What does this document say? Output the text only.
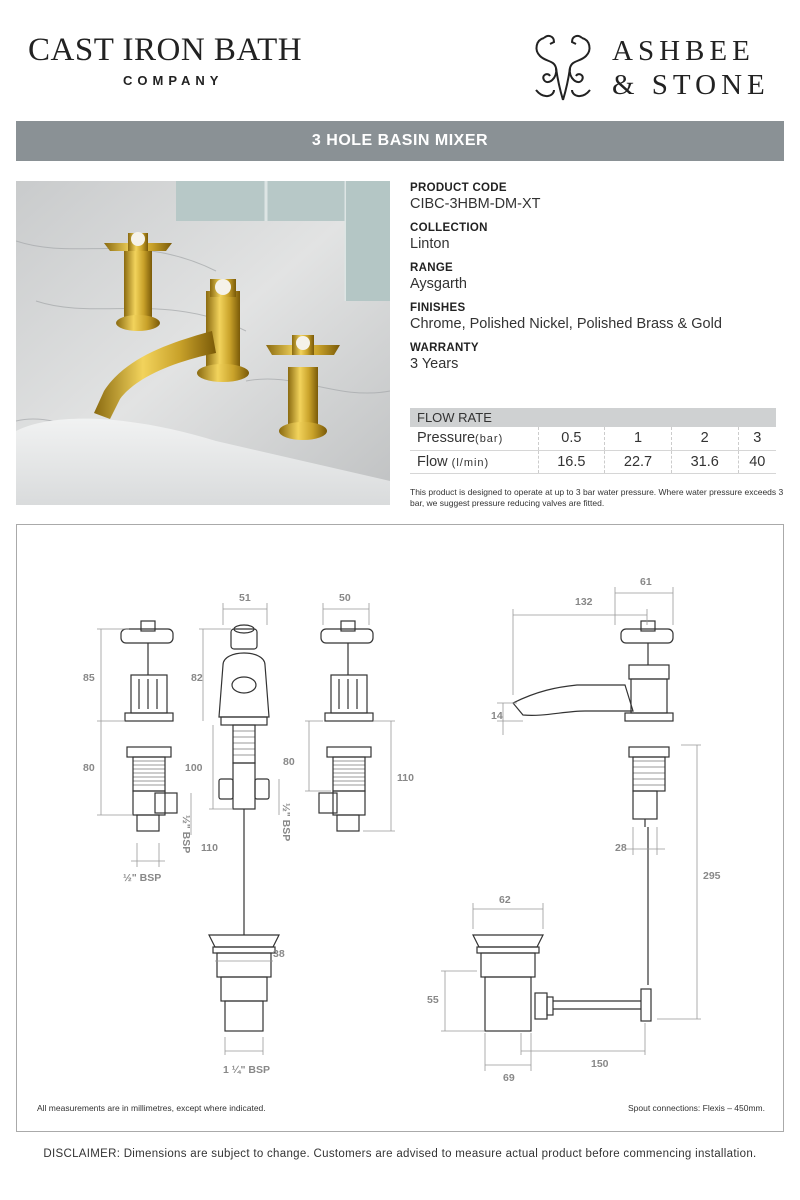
CAST IRON BATH
COMPANY
ASHBEE
& STONE
3 HOLE BASIN MIXER
PRODUCT CODE
CIBC-3HBM-DM-XT
COLLECTION
Linton
RANGE
Aysgarth
FINISHES
Chrome, Polished Nickel, Polished Brass & Gold
WARRANTY
3 Years
FLOW RATE
Pressure(bar)	0.5	1	2	3
Flow (l/min)	16.5	22.7	31.6	40
This product is designed to operate at up to 3 bar water pressure. Where water pressure exceeds 3 bar, we suggest pressure reducing valves are fitted.
85
80
½" BSP
½" BSP
51
82
100
110
½" BSP
38
1 ¼" BSP
50
80
110
61
132
14
28
295
62
55
150
69
All measurements are in millimetres, except where indicated.	Spout connections: Flexis – 450mm.
DISCLAIMER: Dimensions are subject to change. Customers are advised to measure actual product before commencing installation.
